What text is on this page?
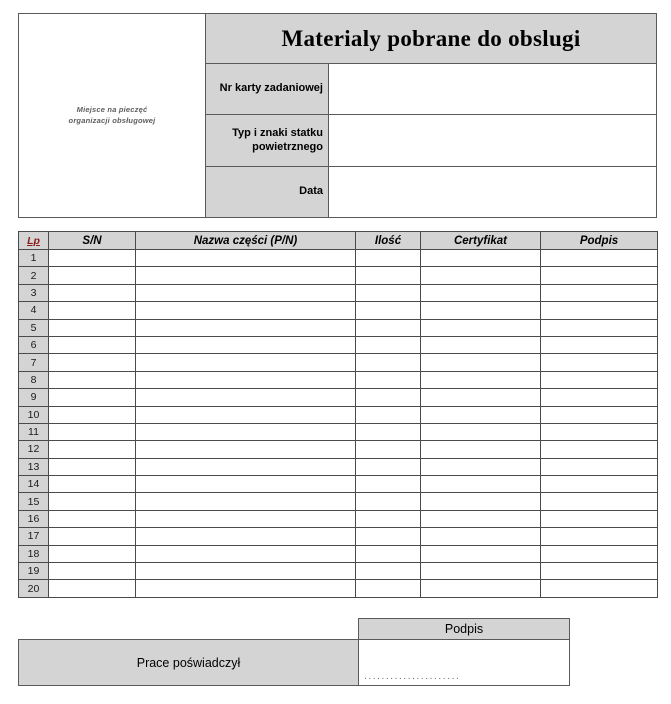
Miejsce na pieczęć
organizacji obsługowej
Materialy pobrane do obslugi
Nr karty zadaniowej
Typ i znaki statku
powietrznego
Data
Lp	S/N	Nazwa części (P/N)	Ilość	Certyfikat	Podpis
1					
2					
3					
4					
5					
6					
7					
8					
9					
10					
11					
12					
13					
14					
15					
16					
17					
18					
19					
20					
Podpis
Prace poświadczył
......................
